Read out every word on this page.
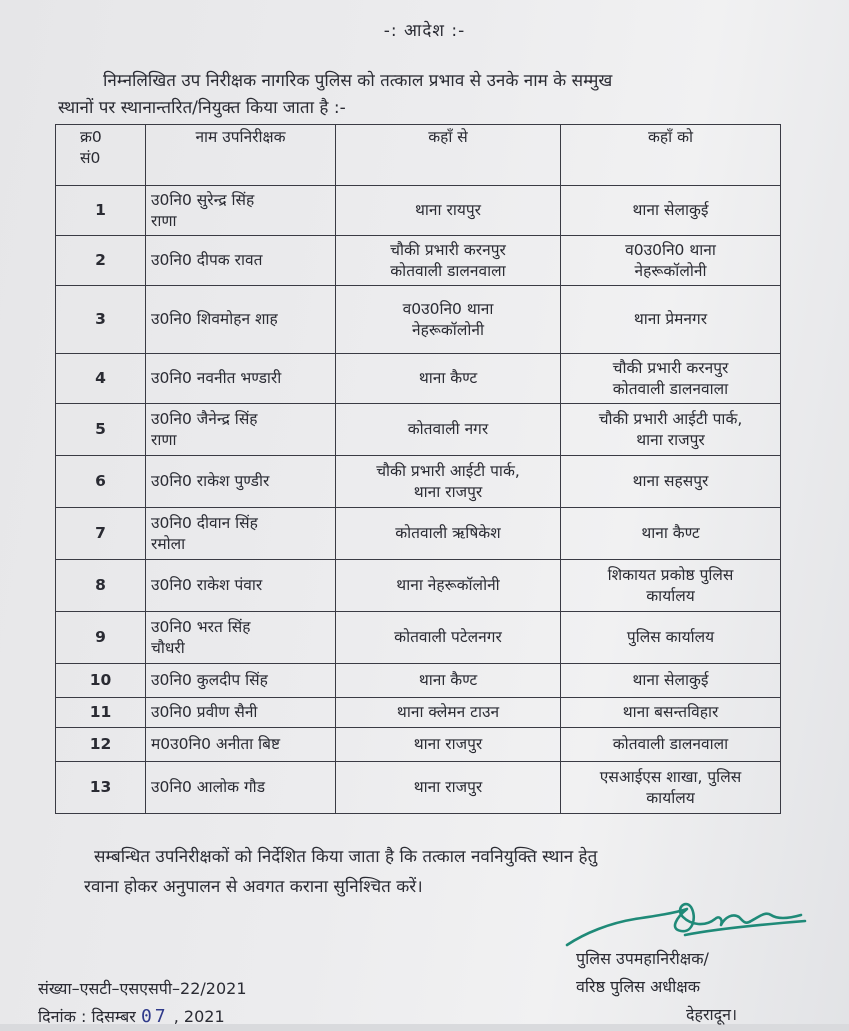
-: आदेश :-
निम्नलिखित उप निरीक्षक नागरिक पुलिस को तत्काल प्रभाव से उनके नाम के सम्मुख
स्थानों पर स्थानान्तरित/नियुक्त किया जाता है :-
क्र0
सं0	नाम उपनिरीक्षक	कहॉं से	कहॉं को
1	उ0नि0 सुरेन्द्र सिंह
राणा	थाना रायपुर	थाना सेलाकुई
2	उ0नि0 दीपक रावत	चौकी प्रभारी करनपुर
कोतवाली डालनवाला	व0उ0नि0 थाना
नेहरूकॉलोनी
3	उ0नि0 शिवमोहन शाह	व0उ0नि0 थाना
नेहरूकॉलोनी	थाना प्रेमनगर
4	उ0नि0 नवनीत भण्डारी	थाना कैण्ट	चौकी प्रभारी करनपुर
कोतवाली डालनवाला
5	उ0नि0 जैनेन्द्र सिंह
राणा	कोतवाली नगर	चौकी प्रभारी आईटी पार्क,
थाना राजपुर
6	उ0नि0 राकेश पुण्डीर	चौकी प्रभारी आईटी पार्क,
थाना राजपुर	थाना सहसपुर
7	उ0नि0 दीवान सिंह
रमोला	कोतवाली ऋषिकेश	थाना कैण्ट
8	उ0नि0 राकेश पंवार	थाना नेहरूकॉलोनी	शिकायत प्रकोष्ठ पुलिस
कार्यालय
9	उ0नि0 भरत सिंह
चौधरी	कोतवाली पटेलनगर	पुलिस कार्यालय
10	उ0नि0 कुलदीप सिंह	थाना कैण्ट	थाना सेलाकुई
11	उ0नि0 प्रवीण सैनी	थाना क्लेमन टाउन	थाना बसन्तविहार
12	म0उ0नि0 अनीता बिष्ट	थाना राजपुर	कोतवाली डालनवाला
13	उ0नि0 आलोक गौड	थाना राजपुर	एसआईएस शाखा, पुलिस
कार्यालय
सम्बन्धित उपनिरीक्षकों को निर्देशित किया जाता है कि तत्काल नवनियुक्ति स्थान हेतु
रवाना होकर अनुपालन से अवगत कराना सुनिश्चित करें।
पुलिस उपमहानिरीक्षक/
वरिष्ठ पुलिस अधीक्षक
देहरादून।
संख्या–एसटी–एसएसपी–22/2021
दिनांक : दिसम्बर 07 , 2021
